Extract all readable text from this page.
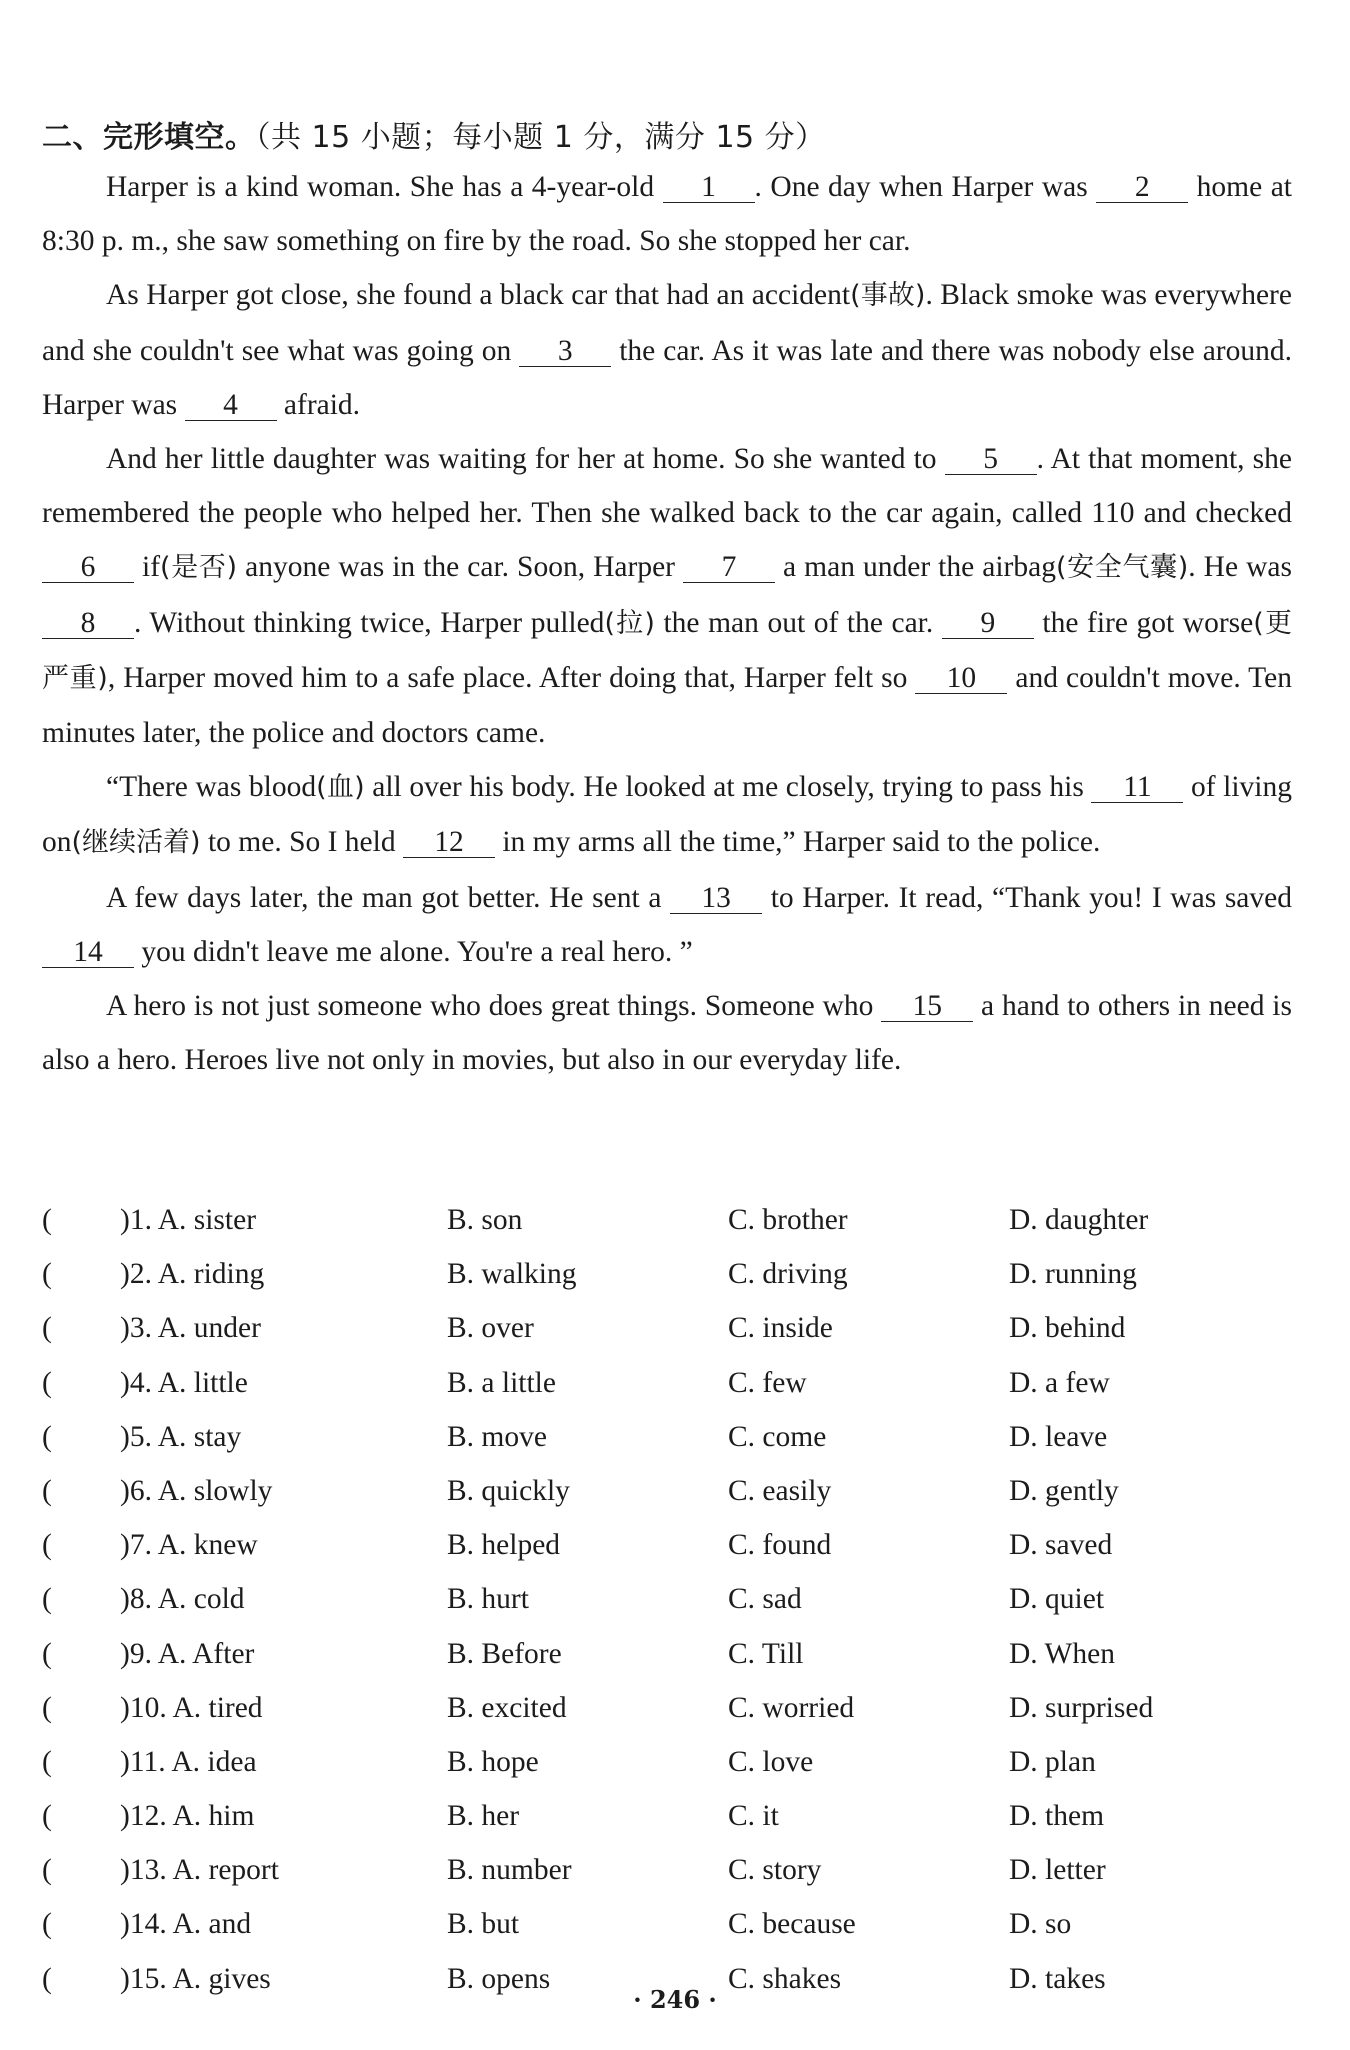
二、完形填空。（共 15 小题；每小题 1 分，满分 15 分）

Harper is a kind woman. She has a 4-year-old 1 . One day when Harper was 2 home at 8:30 p. m., she saw something on fire by the road. So she stopped her car.

As Harper got close, she found a black car that had an accident(事故). Black smoke was everywhere and she couldn't see what was going on 3 the car. As it was late and there was nobody else around. Harper was 4 afraid.

And her little daughter was waiting for her at home. So she wanted to 5 . At that moment, she remembered the people who helped her. Then she walked back to the car again, called 110 and checked 6 if(是否) anyone was in the car. Soon, Harper 7 a man under the airbag(安全气囊). He was 8 . Without thinking twice, Harper pulled(拉) the man out of the car. 9 the fire got worse(更严重), Harper moved him to a safe place. After doing that, Harper felt so 10 and couldn't move. Ten minutes later, the police and doctors came.

“There was blood(血) all over his body. He looked at me closely, trying to pass his 11 of living on(继续活着) to me. So I held 12 in my arms all the time,” Harper said to the police.

A few days later, the man got better. He sent a 13 to Harper. It read, “Thank you! I was saved 14 you didn't leave me alone. You're a real hero. ”

A hero is not just someone who does great things. Someone who 15 a hand to others in need is also a hero. Heroes live not only in movies, but also in our everyday life.

( )1. A. sister	B. son	C. brother	D. daughter
( )2. A. riding	B. walking	C. driving	D. running
( )3. A. under	B. over	C. inside	D. behind
( )4. A. little	B. a little	C. few	D. a few
( )5. A. stay	B. move	C. come	D. leave
( )6. A. slowly	B. quickly	C. easily	D. gently
( )7. A. knew	B. helped	C. found	D. saved
( )8. A. cold	B. hurt	C. sad	D. quiet
( )9. A. After	B. Before	C. Till	D. When
( )10. A. tired	B. excited	C. worried	D. surprised
( )11. A. idea	B. hope	C. love	D. plan
( )12. A. him	B. her	C. it	D. them
( )13. A. report	B. number	C. story	D. letter
( )14. A. and	B. but	C. because	D. so
( )15. A. gives	B. opens	C. shakes	D. takes
· 246 ·
